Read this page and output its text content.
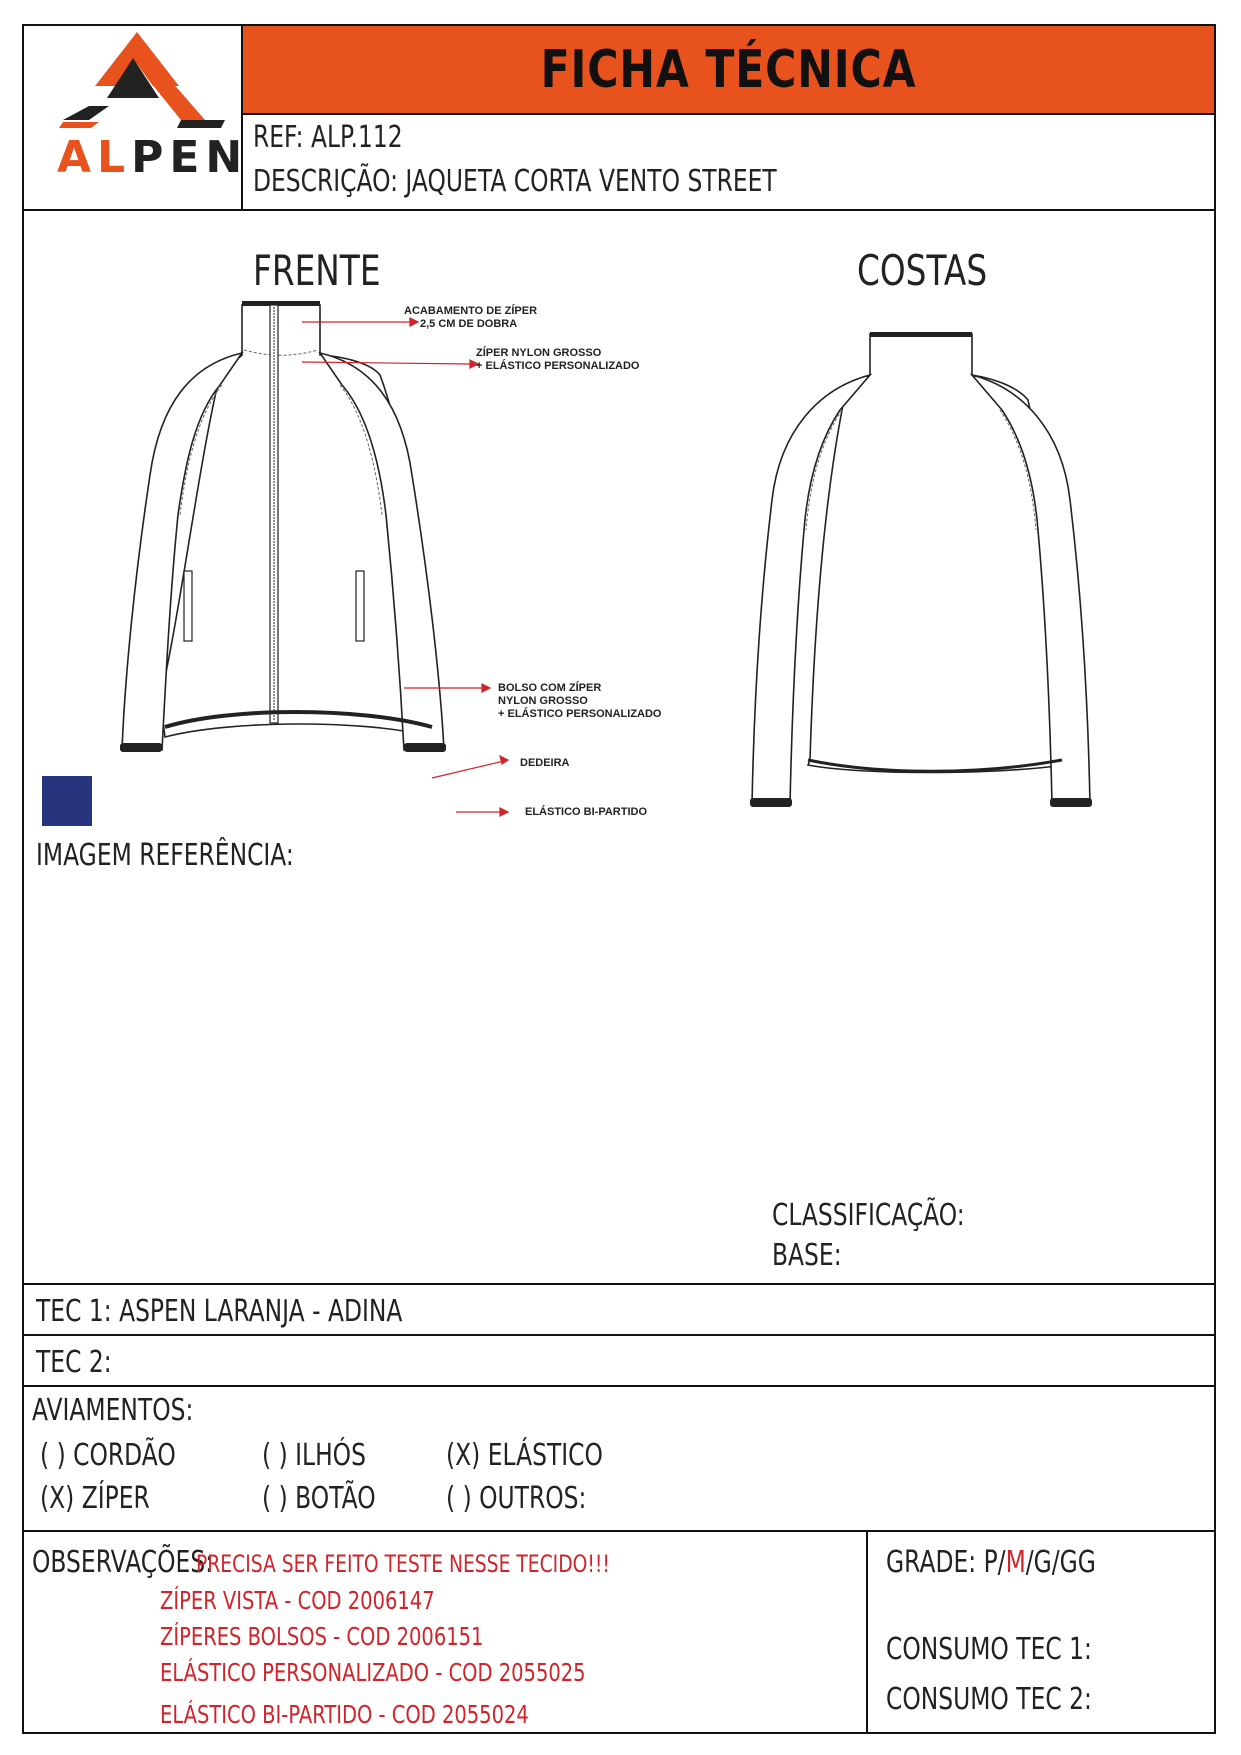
FICHA TÉCNICA
ALPEN REF: ALP.112
DESCRIÇÃO: JAQUETA CORTA VENTO STREET
FRENTE	COSTAS
ACABAMENTO DE ZÍPER
2,5 CM DE DOBRA
ZÍPER NYLON GROSSO
+ ELÁSTICO PERSONALIZADO
BOLSO COM ZÍPER
NYLON GROSSO
+ ELÁSTICO PERSONALIZADO
DEDEIRA
ELÁSTICO BI-PARTIDO
IMAGEM REFERÊNCIA:
CLASSIFICAÇÃO:
BASE:
TEC 1: ASPEN LARANJA - ADINA
TEC 2:
AVIAMENTOS:
( ) CORDÃO	( ) ILHÓS	(X) ELÁSTICO
(X) ZÍPER	( ) BOTÃO ( ) OUTROS:
OBSERVAÇÕES:
PRECISA SER FEITO TESTE NESSE TECIDO!!!
ZÍPER VISTA - COD 2006147
ZÍPERES BOLSOS - COD 2006151
ELÁSTICO PERSONALIZADO - COD 2055025
ELÁSTICO BI-PARTIDO - COD 2055024
GRADE: P/M/G/GG
CONSUMO TEC 1:
CONSUMO TEC 2:
